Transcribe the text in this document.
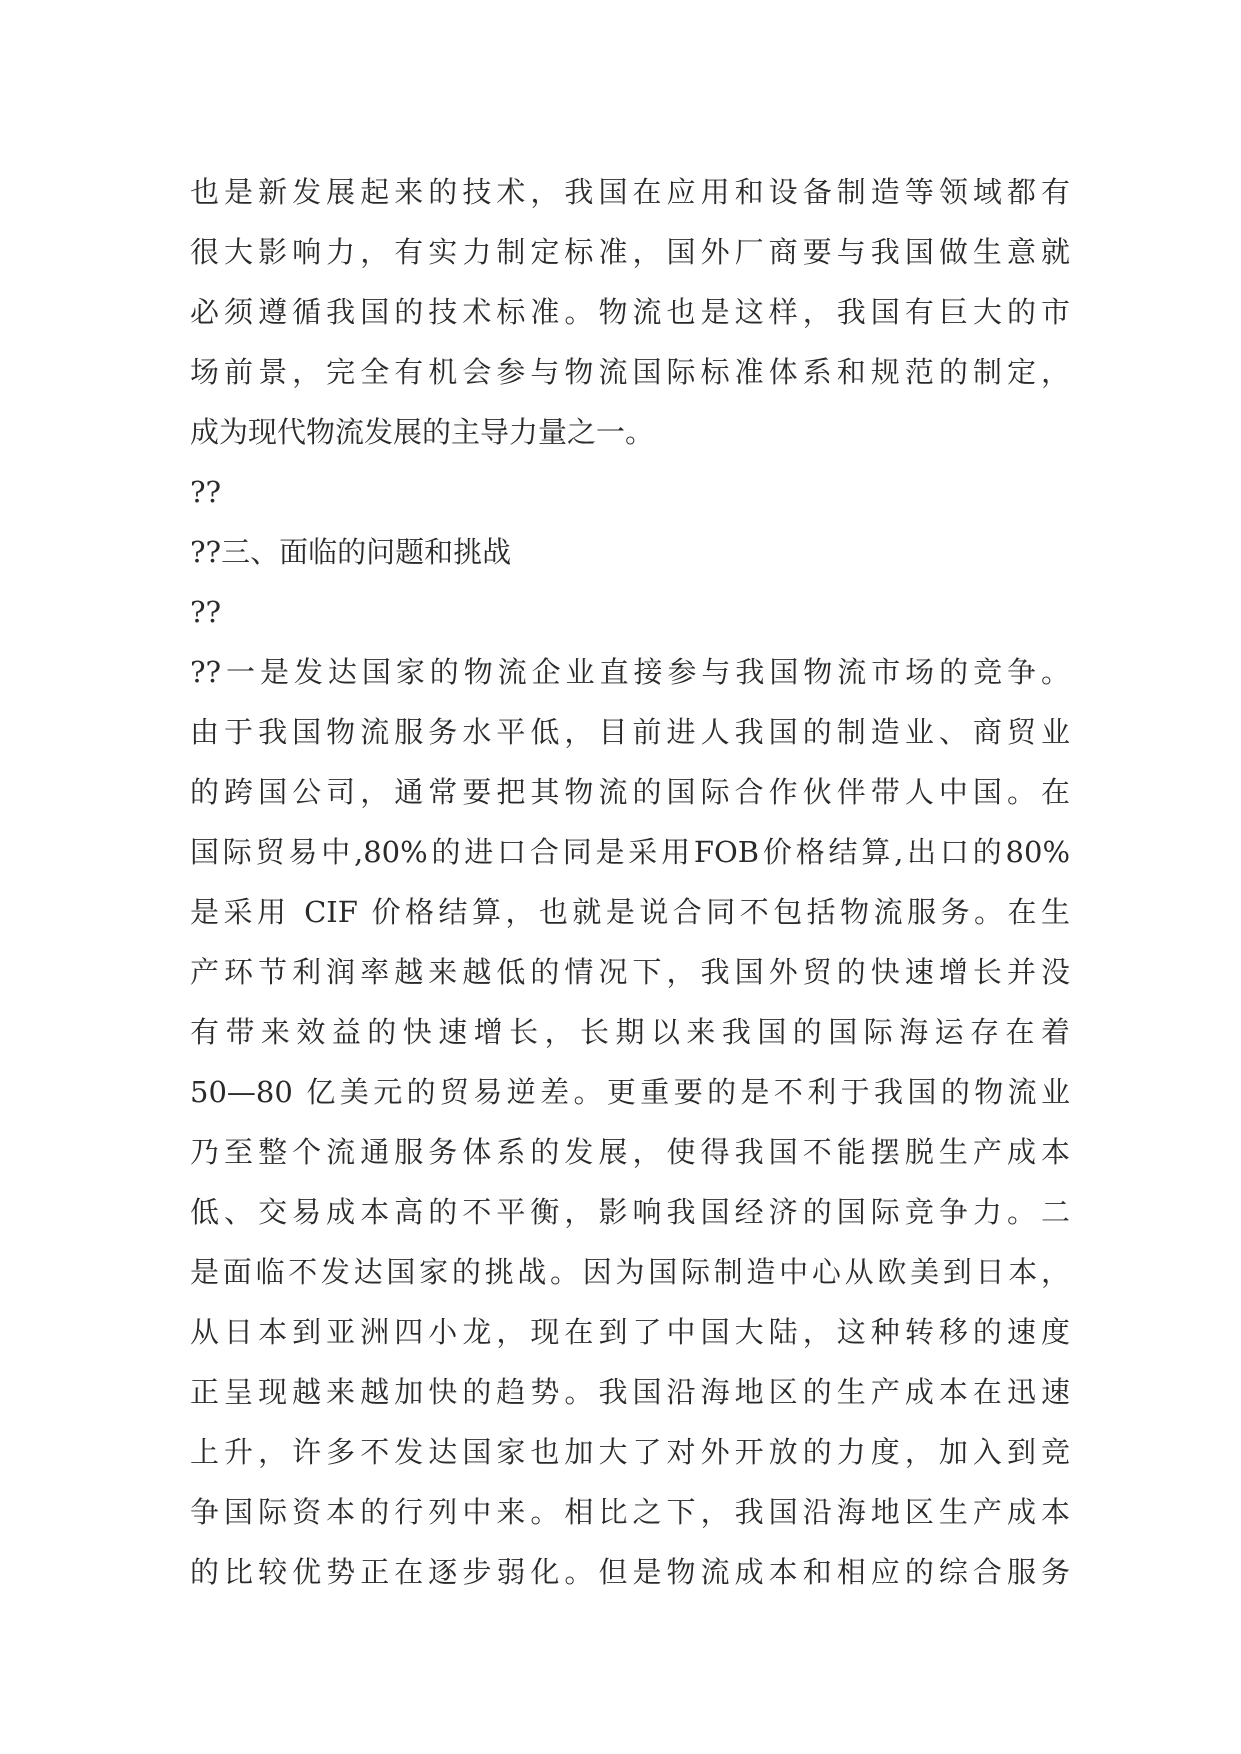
也是新发展起来的技术，我国在应用和设备制造等领域都有
很大影响力，有实力制定标准，国外厂商要与我国做生意就
必须遵循我国的技术标准。物流也是这样，我国有巨大的市
场前景，完全有机会参与物流国际标准体系和规范的制定，
成为现代物流发展的主导力量之一。
??
??三、面临的问题和挑战
??
??一是发达国家的物流企业直接参与我国物流市场的竞争。
由于我国物流服务水平低，目前进人我国的制造业、商贸业
的跨国公司，通常要把其物流的国际合作伙伴带人中国。在
国际贸易中,80%的进口合同是采用FOB价格结算,出口的80%
是采用 CIF 价格结算，也就是说合同不包括物流服务。在生
产环节利润率越来越低的情况下，我国外贸的快速增长并没
有带来效益的快速增长，长期以来我国的国际海运存在着
50—80 亿美元的贸易逆差。更重要的是不利于我国的物流业
乃至整个流通服务体系的发展，使得我国不能摆脱生产成本
低、交易成本高的不平衡，影响我国经济的国际竞争力。二
是面临不发达国家的挑战。因为国际制造中心从欧美到日本，
从日本到亚洲四小龙，现在到了中国大陆，这种转移的速度
正呈现越来越加快的趋势。我国沿海地区的生产成本在迅速
上升，许多不发达国家也加大了对外开放的力度，加入到竞
争国际资本的行列中来。相比之下，我国沿海地区生产成本
的比较优势正在逐步弱化。但是物流成本和相应的综合服务
